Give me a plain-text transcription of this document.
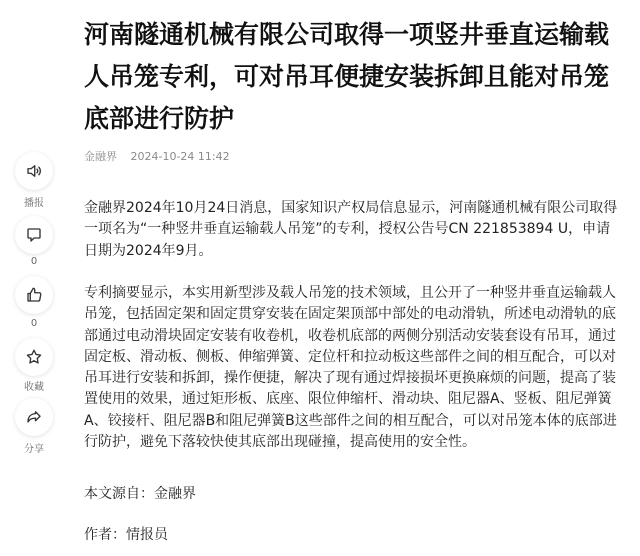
河南隧通机械有限公司取得一项竖井垂直运输载人吊笼专利，可对吊耳便捷安装拆卸且能对吊笼底部进行防护
金融界 2024-10-24 11:42
播报
0
0
收藏
分享

金融界2024年10月24日消息，国家知识产权局信息显示，河南隧通机械有限公司取得一项名为“一种竖井垂直运输载人吊笼”的专利，授权公告号CN 221853894 U，申请日期为2024年9月。

专利摘要显示，本实用新型涉及载人吊笼的技术领域，且公开了一种竖井垂直运输载人吊笼，包括固定架和固定贯穿安装在固定架顶部中部处的电动滑轨，所述电动滑轨的底部通过电动滑块固定安装有收卷机，收卷机底部的两侧分别活动安装套设有吊耳，通过固定板、滑动板、侧板、伸缩弹簧、定位杆和拉动板这些部件之间的相互配合，可以对吊耳进行安装和拆卸，操作便捷，解决了现有通过焊接损坏更换麻烦的问题，提高了装置使用的效果，通过矩形板、底座、限位伸缩杆、滑动块、阻尼器A、竖板、阻尼弹簧A、铰接杆、阻尼器B和阻尼弹簧B这些部件之间的相互配合，可以对吊笼本体的底部进行防护，避免下落较快使其底部出现碰撞，提高使用的安全性。

本文源自：金融界

作者：情报员
